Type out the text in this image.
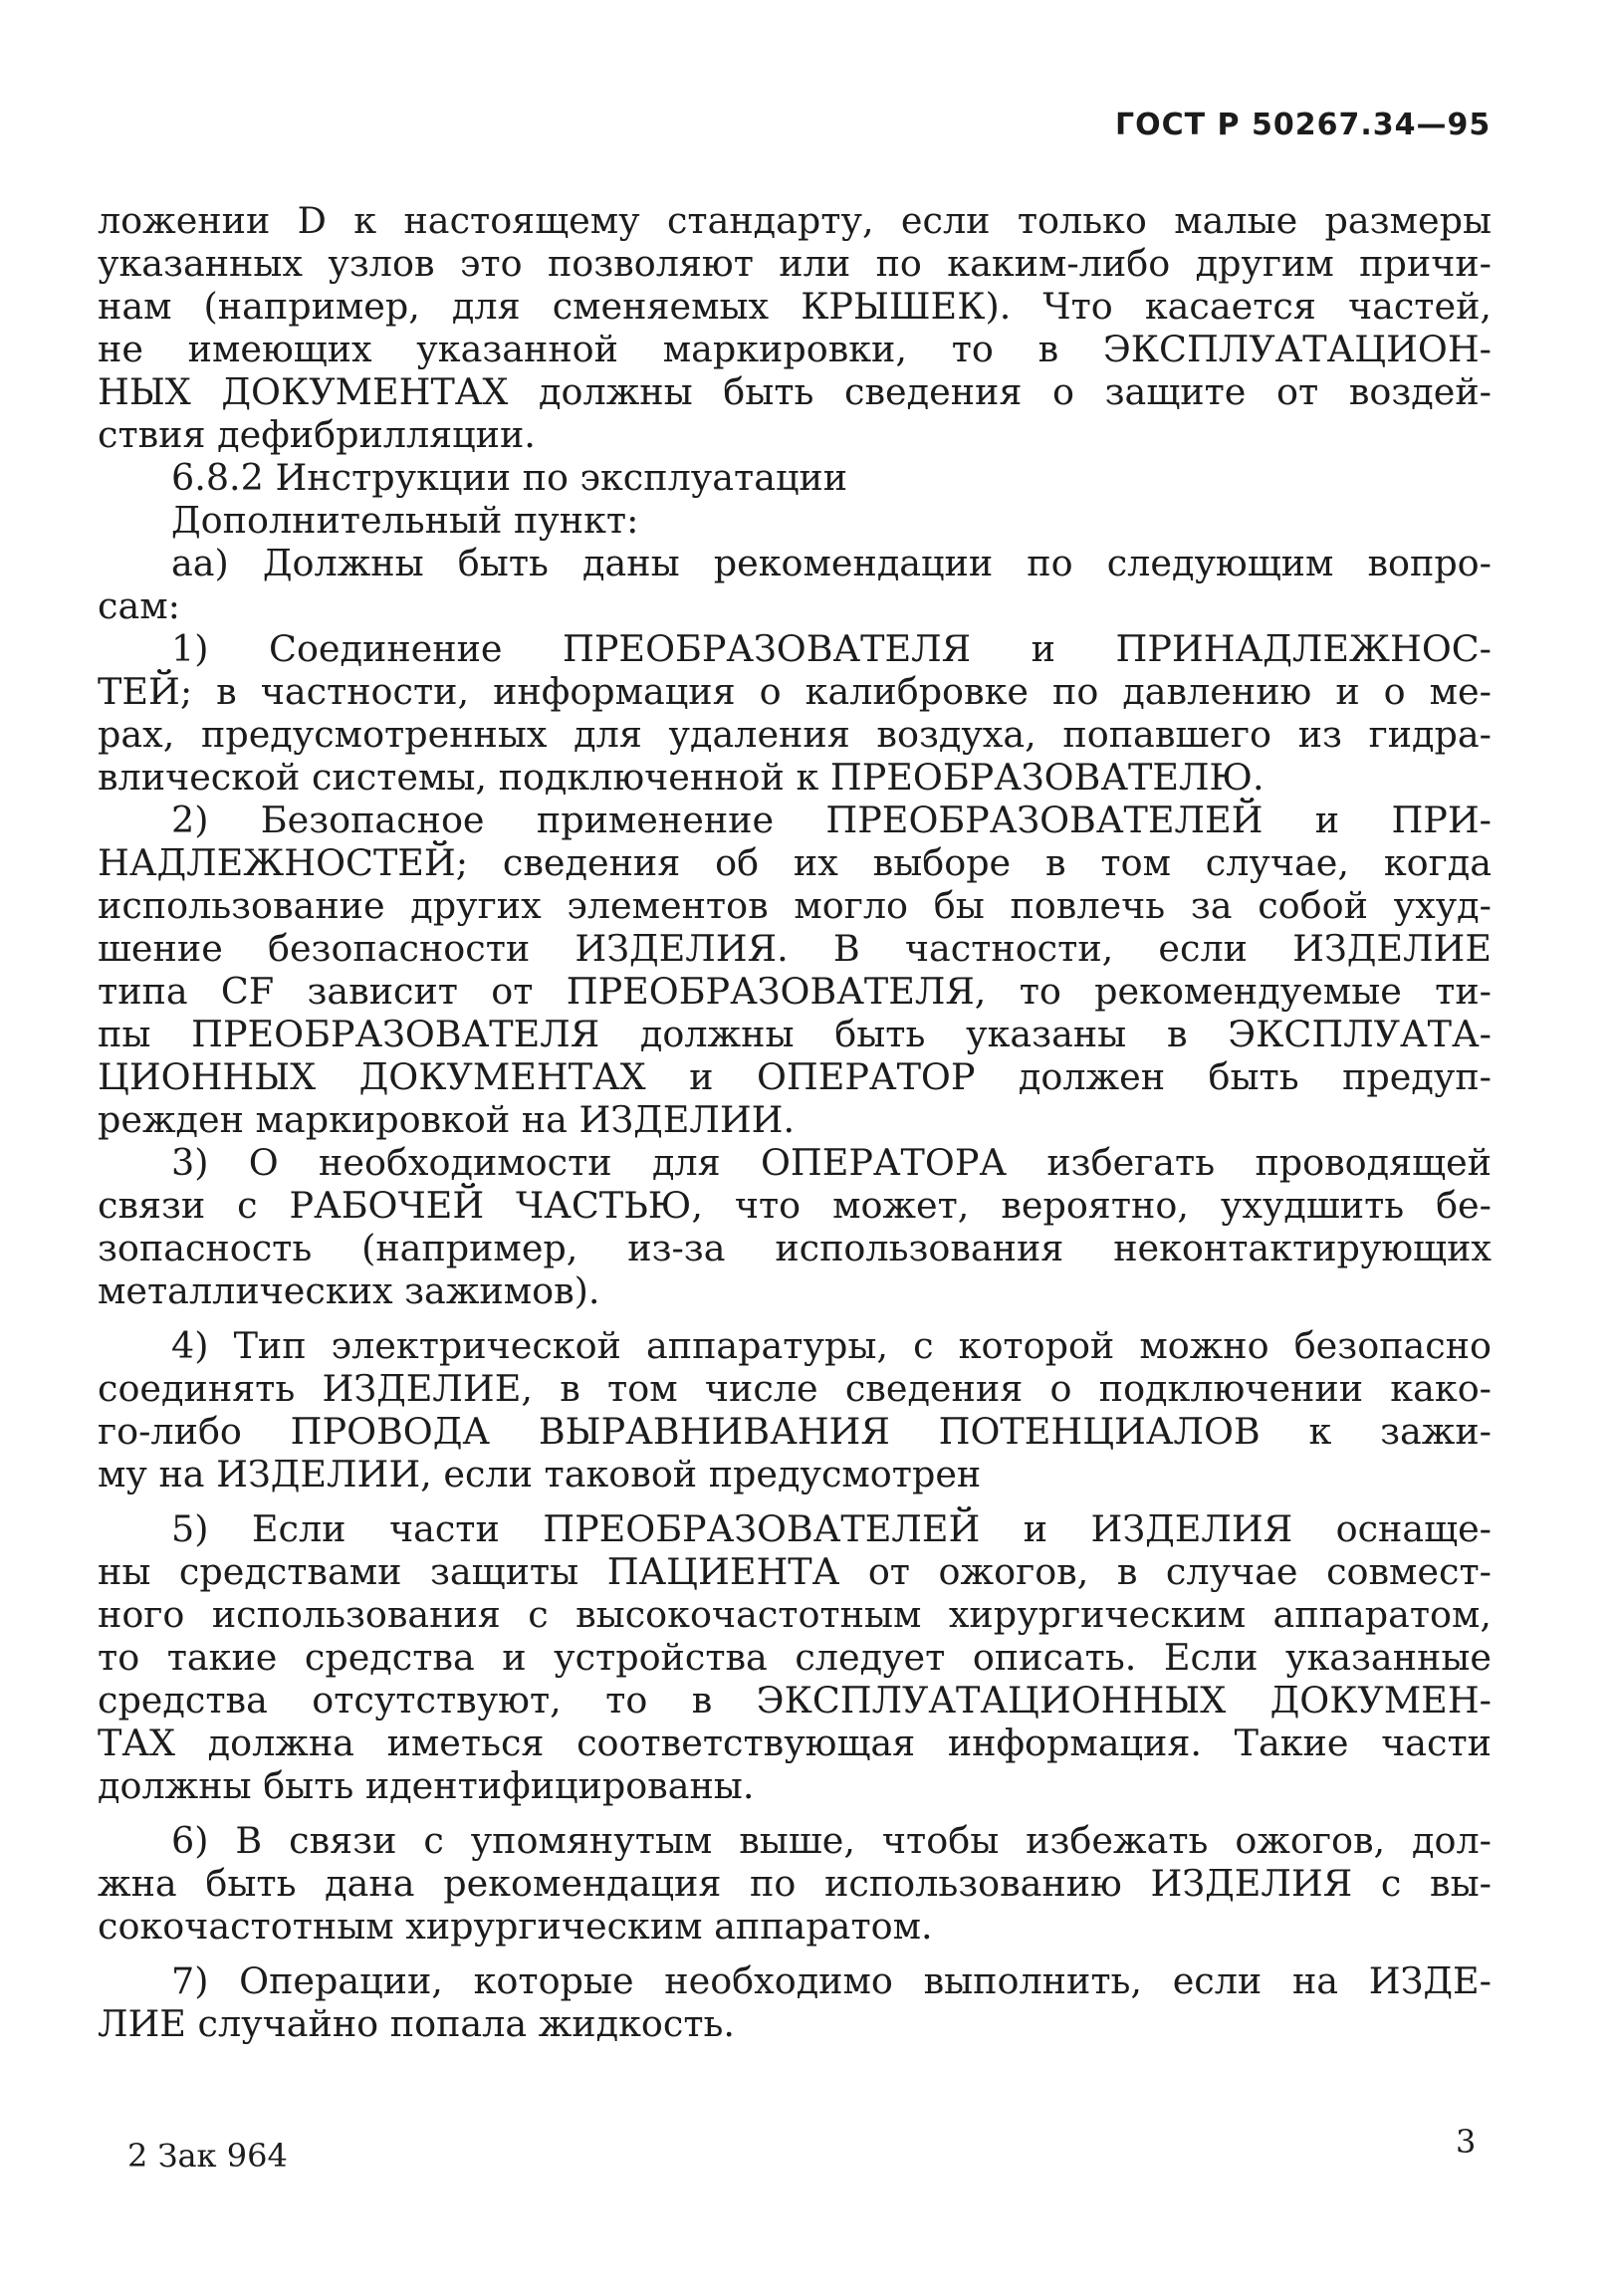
ГОСТ Р 50267.34—95
ложении D к настоящему стандарту, если только малые размеры
указанных узлов это позволяют или по каким-либо другим причи-
нам (например, для сменяемых КРЫШЕК). Что касается частей,
не имеющих указанной маркировки, то в ЭКСПЛУАТАЦИОН-
НЫХ ДОКУМЕНТАХ должны быть сведения о защите от воздей-
ствия дефибрилляции.
6.8.2 Инструкции по эксплуатации
Дополнительный пункт:
аа) Должны быть даны рекомендации по следующим вопро-
сам:
1) Соединение ПРЕОБРАЗОВАТЕЛЯ и ПРИНАДЛЕЖНОС-
ТЕЙ; в частности, информация о калибровке по давлению и о ме-
рах, предусмотренных для удаления воздуха, попавшего из гидра-
влической системы, подключенной к ПРЕОБРАЗОВАТЕЛЮ.
2) Безопасное применение ПРЕОБРАЗОВАТЕЛЕЙ и ПРИ-
НАДЛЕЖНОСТЕЙ; сведения об их выборе в том случае, когда
использование других элементов могло бы повлечь за собой ухуд-
шение безопасности ИЗДЕЛИЯ. В частности, если ИЗДЕЛИЕ
типа CF зависит от ПРЕОБРАЗОВАТЕЛЯ, то рекомендуемые ти-
пы ПРЕОБРАЗОВАТЕЛЯ должны быть указаны в ЭКСПЛУАТА-
ЦИОННЫХ ДОКУМЕНТАХ и ОПЕРАТОР должен быть предуп-
режден маркировкой на ИЗДЕЛИИ.
3) О необходимости для ОПЕРАТОРА избегать проводящей
связи с РАБОЧЕЙ ЧАСТЬЮ, что может, вероятно, ухудшить бе-
зопасность (например, из-за использования неконтактирующих
металлических зажимов).
4) Тип электрической аппаратуры, с которой можно безопасно
соединять ИЗДЕЛИЕ, в том числе сведения о подключении како-
го-либо ПРОВОДА ВЫРАВНИВАНИЯ ПОТЕНЦИАЛОВ к зажи-
му на ИЗДЕЛИИ, если таковой предусмотрен
5) Если части ПРЕОБРАЗОВАТЕЛЕЙ и ИЗДЕЛИЯ оснаще-
ны средствами защиты ПАЦИЕНТА от ожогов, в случае совмест-
ного использования с высокочастотным хирургическим аппаратом,
то такие средства и устройства следует описать. Если указанные
средства отсутствуют, то в ЭКСПЛУАТАЦИОННЫХ ДОКУМЕН-
ТАХ должна иметься соответствующая информация. Такие части
должны быть идентифицированы.
6) В связи с упомянутым выше, чтобы избежать ожогов, дол-
жна быть дана рекомендация по использованию ИЗДЕЛИЯ с вы-
сокочастотным хирургическим аппаратом.
7) Операции, которые необходимо выполнить, если на ИЗДЕ-
ЛИЕ случайно попала жидкость.
2 Зак 964	3
